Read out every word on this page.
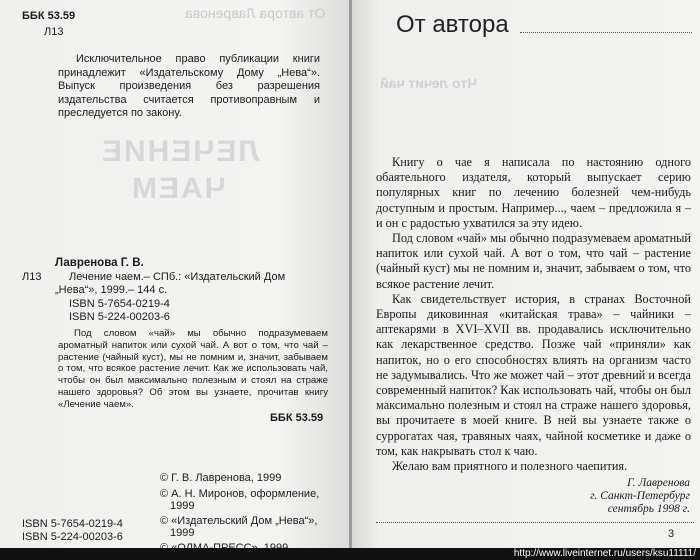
ББК 53.59
Л13
От автора Лавренова
ЛЕЧЕНИЕ
ЧАЕМ
Исключительное право публикации книги принадлежит «Издательскому Дому „Нева“». Выпуск произведения без разрешения издательства считается противоправным и преследуется по закону.
Л13
Лавренова Г. В.
Лечение чаем.– СПб.: «Издательский Дом „Нева“», 1999.– 144 с.
ISBN 5-7654-0219-4
ISBN 5-224-00203-6
Под словом «чай» мы обычно подразумеваем ароматный напиток или сухой чай. А вот о том, что чай – растение (чайный куст), мы не помним и, значит, забываем о том, что всякое растение лечит. Как же использовать чай, чтобы он был максимально полезным и стоял на страже нашего здоровья? Об этом вы узнаете, прочитав книгу «Лечение чаем».
ББК 53.59
© Г. В. Лавренова, 1999
© А. Н. Миронов, оформление, 1999
© «Издательский Дом „Нева“», 1999
ISBN 5-7654-0219-4
ISBN 5-224-00203-6
От автора
Что лечит чай

Книгу о чае я написала по настоянию одного обаятельного издателя, который выпускает серию популярных книг по лечению болезней чем-нибудь доступным и простым. Например..., чаем – предложила я – и он с радостью ухватился за эту идею.

Под словом «чай» мы обычно подразумеваем ароматный напиток или сухой чай. А вот о том, что чай – растение (чайный куст) мы не помним и, значит, забываем о том, что всякое растение лечит.

Как свидетельствует история, в странах Восточной Европы диковинная «китайская трава» – чайники – аптекарями в XVI–XVII вв. продавались исключительно как лекарственное средство. Позже чай «приняли» как напиток, но о его способностях влиять на организм часто не задумывались. Что же может чай – этот древний и всегда современный напиток? Как использовать чай, чтобы он был максимально полезным и стоял на страже нашего здоровья, вы прочитаете в моей книге. В ней вы узнаете также о суррогатах чая, травяных чаях, чайной косметике и даже о том, как накрывать стол к чаю.

Желаю вам приятного и полезного чаепития.

Г. Лавренова
г. Санкт-Петербург
сентябрь 1998 г.
3
http://www.liveinternet.ru/users/ksu11111/
